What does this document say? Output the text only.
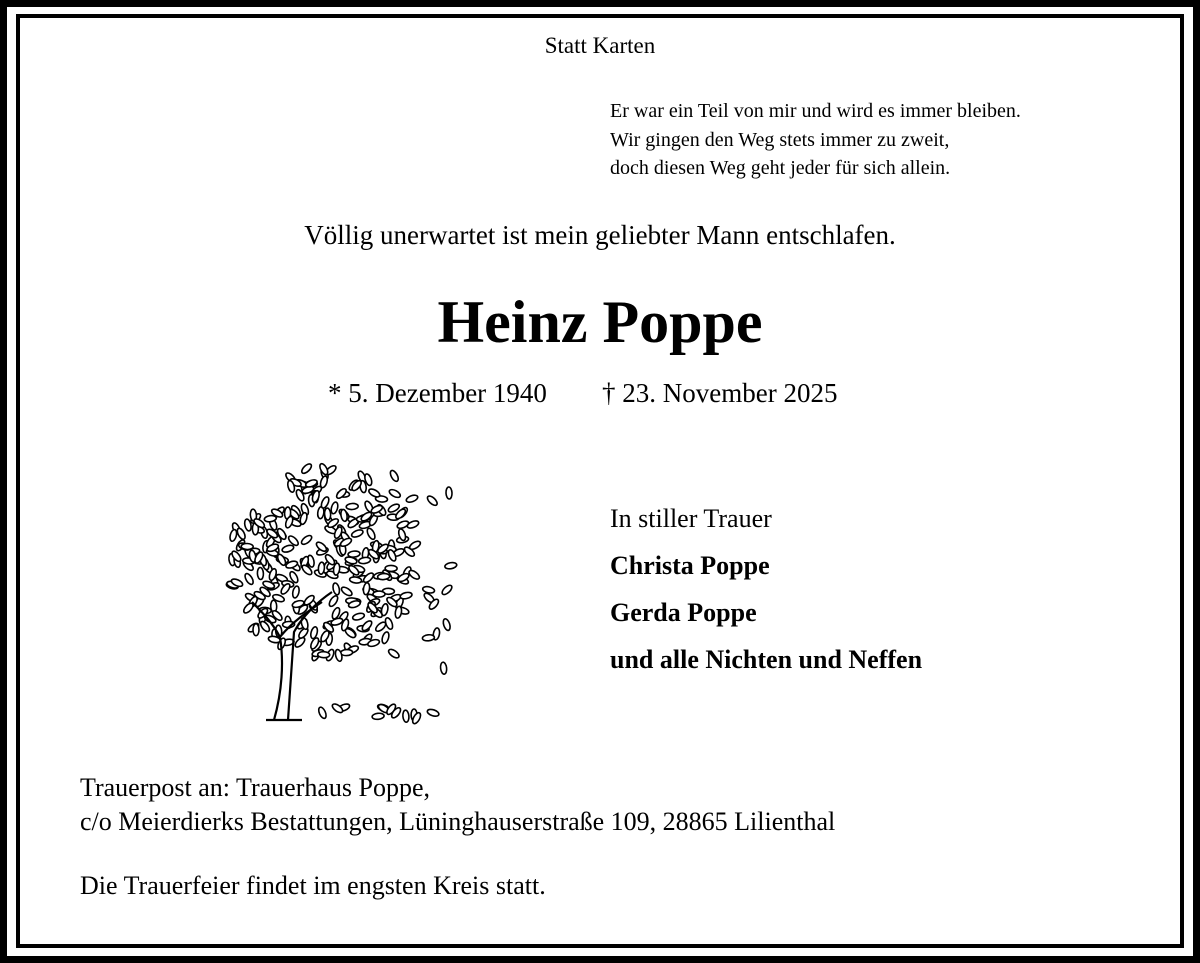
Statt Karten
Er war ein Teil von mir und wird es immer bleiben.
Wir gingen den Weg stets immer zu zweit,
doch diesen Weg geht jeder für sich allein.
Völlig unerwartet ist mein geliebter Mann entschlafen.
Heinz Poppe
* 5. Dezember 1940 † 23. November 2025
In stiller Trauer
Christa Poppe
Gerda Poppe
und alle Nichten und Neffen
Trauerpost an: Trauerhaus Poppe,
c/o Meierdierks Bestattungen, Lüninghauserstraße 109, 28865 Lilienthal
Die Trauerfeier findet im engsten Kreis statt.
